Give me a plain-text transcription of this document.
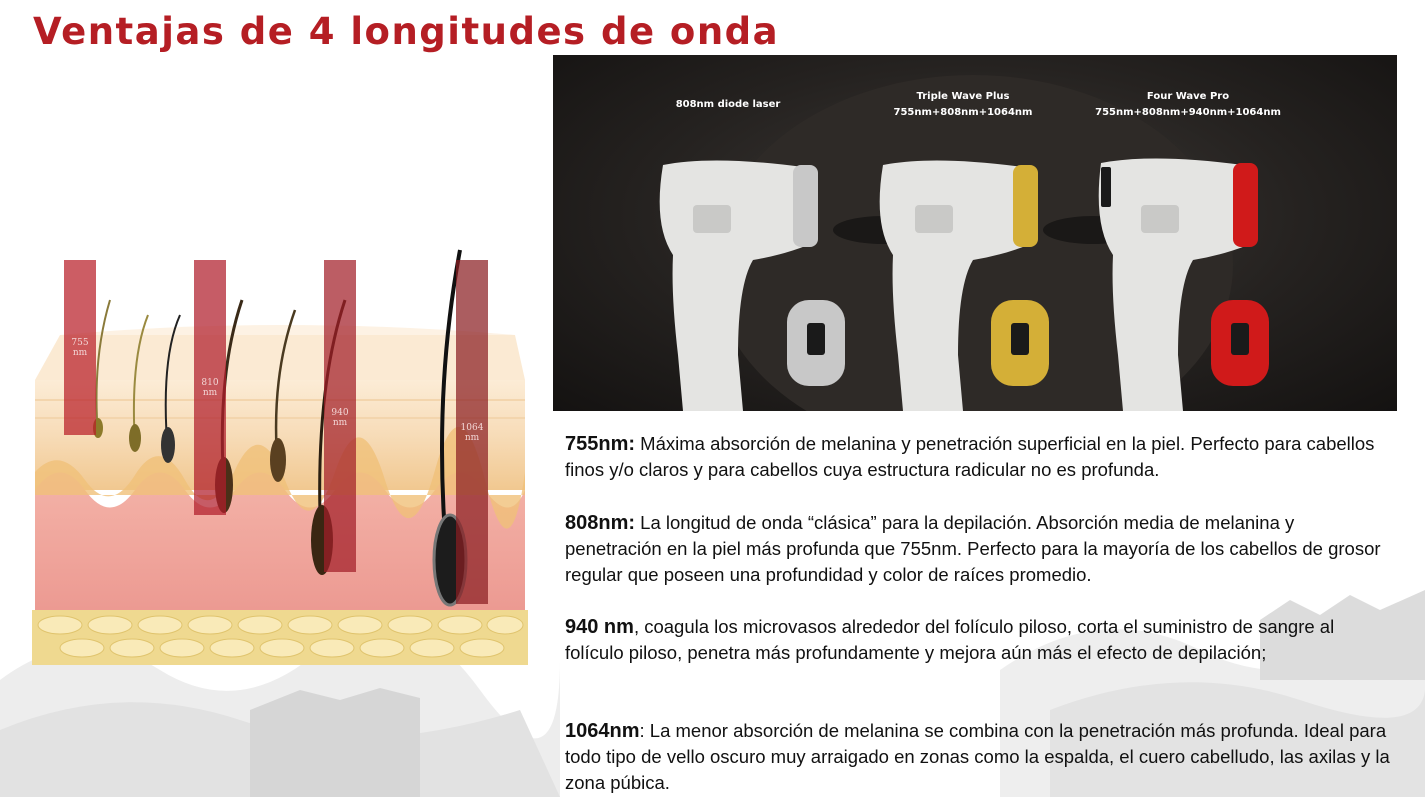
Ventajas de 4 longitudes de onda
755
nm
810
nm
940
nm	1064
nm
808nm diode laser
Triple Wave Plus
755nm+808nm+1064nm
Four Wave Pro
755nm+808nm+940nm+1064nm
755nm: Máxima absorción de melanina y penetración superficial en la piel. Perfecto para cabellos finos y/o claros y para cabellos cuya estructura radicular no es profunda.
808nm: La longitud de onda “clásica” para la depilación. Absorción media de melanina y penetración en la piel más profunda que 755nm. Perfecto para la mayoría de los cabellos de grosor regular que poseen una profundidad y color de raíces promedio.
940 nm, coagula los microvasos alrededor del folículo piloso, corta el suministro de sangre al folículo piloso, penetra más profundamente y mejora aún más el efecto de depilación;
1064nm: La menor absorción de melanina se combina con la penetración más profunda. Ideal para todo tipo de vello oscuro muy arraigado en zonas como la espalda, el cuero cabelludo, las axilas y la zona púbica.
